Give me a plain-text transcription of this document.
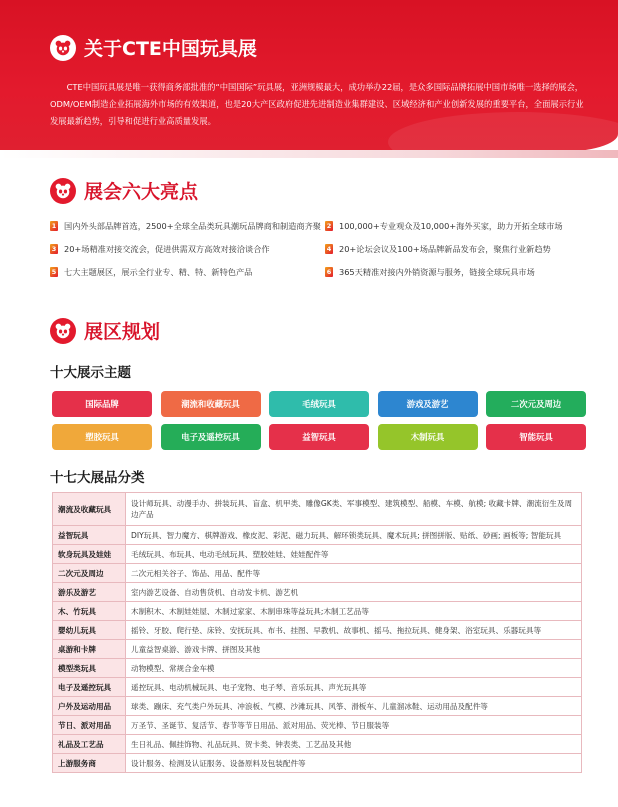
关于CTE中国玩具展
CTE中国玩具展是唯一获得商务部批准的“中国国际”玩具展，亚洲规模最大，成功举办22届，是众多国际品牌拓展中国市场唯一选择的展会，ODM/OEM制造企业拓展海外市场的有效渠道，也是20大产区政府促进先进制造业集群建设、区域经济和产业创新发展的重要平台，全面展示行业发展最新趋势，引导和促进行业高质量发展。
展会六大亮点
1 国内外头部品牌首选，2500+全球全品类玩具潮玩品牌商和制造商齐聚 2 100,000+专业观众及10,000+海外买家，助力开拓全球市场
3 20+场精准对接交流会，促进供需双方高效对接洽谈合作	4 20+论坛会议及100+场品牌新品发布会，聚焦行业新趋势
5 七大主题展区，展示全行业专、精、特、新特色产品	6 365天精准对接内外销资源与服务，链接全球玩具市场
展区规划
十大展示主题
国际品牌	潮流和收藏玩具	毛绒玩具	游戏及游艺	二次元及周边
塑胶玩具	电子及遥控玩具	益智玩具	木制玩具	智能玩具
十七大展品分类
潮流及收藏玩具	设计师玩具、动漫手办、拼装玩具、盲盒、机甲类、雕像GK类、军事模型、建筑模型、船模、车模、航模; 收藏卡牌、潮流衍生及周边产品
益智玩具	DIY玩具、智力魔方、棋牌游戏、橡皮泥、彩泥、磁力玩具、解环锁类玩具、魔术玩具; 拼图拼版、贴纸、砂画; 画板等; 智能玩具
软身玩具及娃娃	毛绒玩具、布玩具、电动毛绒玩具、塑胶娃娃、娃娃配件等
二次元及周边	二次元相关谷子、饰品、用品、配件等
游乐及游艺	室内游艺设备、自动售货机、自动发卡机、游艺机
木、竹玩具	木制积木、木制娃娃屋、木制过家家、木制串珠等益玩具;木制工艺品等
婴幼儿玩具	摇铃、牙胶、爬行垫、床铃、安抚玩具、布书、挂图、早教机、故事机、摇马、拖拉玩具、健身架、浴室玩具、乐器玩具等
桌游和卡牌	儿童益智桌游、游戏卡牌、拼图及其他
模型类玩具	动物模型、常规合金车模
电子及遥控玩具	遥控玩具、电动机械玩具、电子宠物、电子琴、音乐玩具、声光玩具等
户外及运动用品	球类、蹦床、充气类户外玩具、冲浪板、气模、沙滩玩具、风筝、滑板车、儿童溜冰鞋、运动用品及配件等
节日、派对用品	万圣节、圣诞节、复活节、春节等节日用品、派对用品、荧光棒、节日服装等
礼品及工艺品	生日礼品、佩挂饰物、礼品玩具、贺卡类、钟表类、工艺品及其他
上游服务商	设计服务、检测及认证服务、设备原料及包装配件等
